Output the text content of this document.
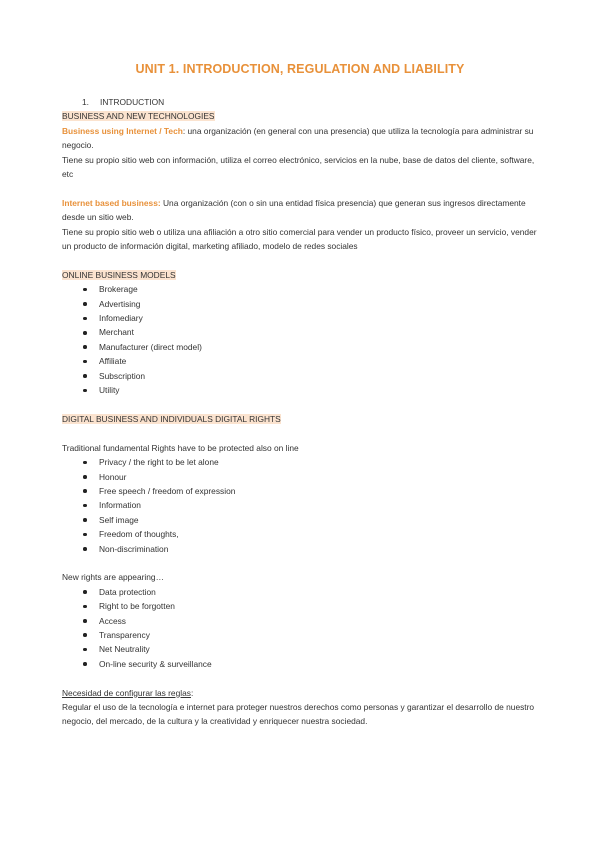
UNIT 1. INTRODUCTION, REGULATION AND LIABILITY
1. INTRODUCTION
BUSINESS AND NEW TECHNOLOGIES

Business using Internet / Tech: una organización (en general con una presencia) que utiliza la tecnología para administrar su negocio.

Tiene su propio sitio web con información, utiliza el correo electrónico, servicios en la nube, base de datos del cliente, software, etc

Internet based business: Una organización (con o sin una entidad física presencia) que generan sus ingresos directamente desde un sitio web.

Tiene su propio sitio web o utiliza una afiliación a otro sitio comercial para vender un producto físico, proveer un servicio, vender un producto de información digital, marketing afiliado, modelo de redes sociales

ONLINE BUSINESS MODELS
Brokerage
Advertising
Infomediary
Merchant
Manufacturer (direct model)
Affiliate
Subscription
Utility
DIGITAL BUSINESS AND INDIVIDUALS DIGITAL RIGHTS
Traditional fundamental Rights have to be protected also on line
Privacy / the right to be let alone
Honour
Free speech / freedom of expression
Information
Self image
Freedom of thoughts,
Non-discrimination
New rights are appearing…
Data protection
Right to be forgotten
Access
Transparency
Net Neutrality
On-line security & surveillance
Necesidad de configurar las reglas:

Regular el uso de la tecnología e internet para proteger nuestros derechos como personas y garantizar el desarrollo de nuestro negocio, del mercado, de la cultura y la creatividad y enriquecer nuestra sociedad.
